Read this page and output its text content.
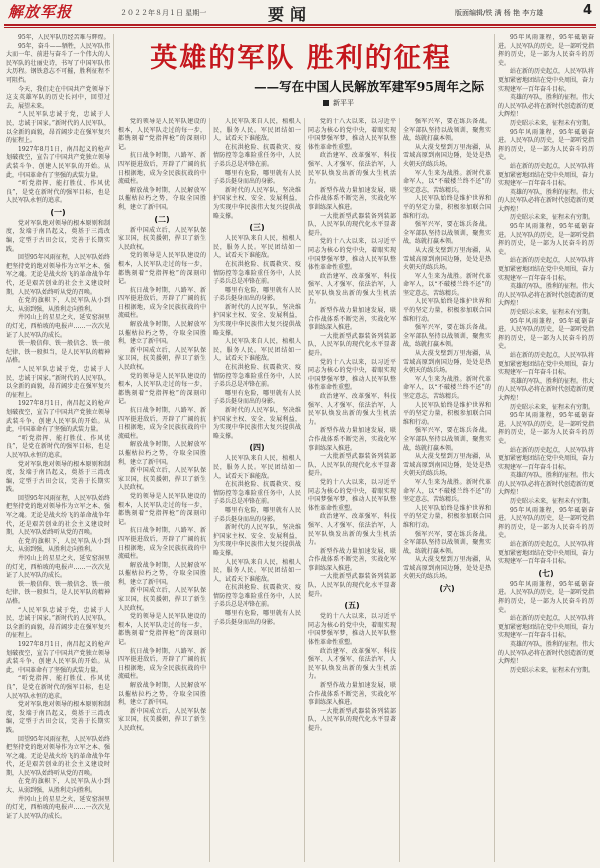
解放军报	２０２２年８月１日 星期一	要闻	版面编辑/铁 满 杨 艳 李方雄	4
英雄的军队 胜利的征程
——写在中国人民解放军建军95周年之际
新平平

95年，人民军队历经苦难与辉煌。

95年，奋斗——牺牲，人民军队伟大而一年、前进与奋斗了一个伟大的人民军队的壮丽史诗，书写了中国军队伟大历程。钢铁意志不可摧，胜利征程不可阻挡。

今天，我们走在中国共产党领导下这支英雄军队的历史长河中，回望过去，展望未来。

“人民军队忠诚于党，忠诚于人民，忠诚于国家。”新时代的人民军队，以全新的面貌，昂首阔步走在强军复兴的征程上。

1927年8月1日，南昌起义的枪声划破夜空，宣告了中国共产党独立领导武装斗争、创建人民军队的开始。从此，中国革命有了坚强的武装力量。

“听党指挥、能打胜仗、作风优良”，是党在新时代的强军目标，也是人民军队永恒的追求。

(一)

党对军队绝对领导的根本原则和制度，发端于南昌起义，奠基于三湾改编，定型于古田会议，完善于长期实践。

回望95年风雨征程，人民军队始终把坚持党的绝对领导作为立军之本、强军之魂。无论是战火纷飞的革命战争年代，还是艰苦创业的社会主义建设时期，人民军队始终听从党的召唤。

在党的旗帜下，人民军队从小到大、从弱到强，从胜利走向胜利。

井冈山上的星星之火，延安窑洞里的灯光，西柏坡的电报声……一次次见证了人民军队的成长。

铁一般信仰、铁一般信念、铁一般纪律、铁一般担当，是人民军队的精神品格。

“人民军队忠诚于党，忠诚于人民，忠诚于国家。”新时代的人民军队，以全新的面貌，昂首阔步走在强军复兴的征程上。

1927年8月1日，南昌起义的枪声划破夜空，宣告了中国共产党独立领导武装斗争、创建人民军队的开始。从此，中国革命有了坚强的武装力量。

“听党指挥、能打胜仗、作风优良”，是党在新时代的强军目标，也是人民军队永恒的追求。

党对军队绝对领导的根本原则和制度，发端于南昌起义，奠基于三湾改编，定型于古田会议，完善于长期实践。

回望95年风雨征程，人民军队始终把坚持党的绝对领导作为立军之本、强军之魂。无论是战火纷飞的革命战争年代，还是艰苦创业的社会主义建设时期，人民军队始终听从党的召唤。

在党的旗帜下，人民军队从小到大、从弱到强，从胜利走向胜利。

井冈山上的星星之火，延安窑洞里的灯光，西柏坡的电报声……一次次见证了人民军队的成长。

铁一般信仰、铁一般信念、铁一般纪律、铁一般担当，是人民军队的精神品格。

“人民军队忠诚于党，忠诚于人民，忠诚于国家。”新时代的人民军队，以全新的面貌，昂首阔步走在强军复兴的征程上。

1927年8月1日，南昌起义的枪声划破夜空，宣告了中国共产党独立领导武装斗争、创建人民军队的开始。从此，中国革命有了坚强的武装力量。

“听党指挥、能打胜仗、作风优良”，是党在新时代的强军目标，也是人民军队永恒的追求。

党对军队绝对领导的根本原则和制度，发端于南昌起义，奠基于三湾改编，定型于古田会议，完善于长期实践。

回望95年风雨征程，人民军队始终把坚持党的绝对领导作为立军之本、强军之魂。无论是战火纷飞的革命战争年代，还是艰苦创业的社会主义建设时期，人民军队始终听从党的召唤。

在党的旗帜下，人民军队从小到大、从弱到强，从胜利走向胜利。

井冈山上的星星之火，延安窑洞里的灯光，西柏坡的电报声……一次次见证了人民军队的成长。

党的领导是人民军队建设的根本，人民军队走过的每一步，都镌刻着“党指挥枪”的深刻印记。

抗日战争时期，八路军、新四军挺进敌后，开辟了广阔的抗日根据地，成为全民族抗战的中流砥柱。

解放战争时期，人民解放军以摧枯拉朽之势，夺取全国胜利，建立了新中国。

(二)

新中国成立后，人民军队保家卫国，抗美援朝，捍卫了新生人民政权。

党的领导是人民军队建设的根本，人民军队走过的每一步，都镌刻着“党指挥枪”的深刻印记。

抗日战争时期，八路军、新四军挺进敌后，开辟了广阔的抗日根据地，成为全民族抗战的中流砥柱。

解放战争时期，人民解放军以摧枯拉朽之势，夺取全国胜利，建立了新中国。

新中国成立后，人民军队保家卫国，抗美援朝，捍卫了新生人民政权。

党的领导是人民军队建设的根本，人民军队走过的每一步，都镌刻着“党指挥枪”的深刻印记。

抗日战争时期，八路军、新四军挺进敌后，开辟了广阔的抗日根据地，成为全民族抗战的中流砥柱。

解放战争时期，人民解放军以摧枯拉朽之势，夺取全国胜利，建立了新中国。

新中国成立后，人民军队保家卫国，抗美援朝，捍卫了新生人民政权。

党的领导是人民军队建设的根本，人民军队走过的每一步，都镌刻着“党指挥枪”的深刻印记。

抗日战争时期，八路军、新四军挺进敌后，开辟了广阔的抗日根据地，成为全民族抗战的中流砥柱。

解放战争时期，人民解放军以摧枯拉朽之势，夺取全国胜利，建立了新中国。

新中国成立后，人民军队保家卫国，抗美援朝，捍卫了新生人民政权。

党的领导是人民军队建设的根本，人民军队走过的每一步，都镌刻着“党指挥枪”的深刻印记。

抗日战争时期，八路军、新四军挺进敌后，开辟了广阔的抗日根据地，成为全民族抗战的中流砥柱。

解放战争时期，人民解放军以摧枯拉朽之势，夺取全国胜利，建立了新中国。

新中国成立后，人民军队保家卫国，抗美援朝，捍卫了新生人民政权。

人民军队来自人民，植根人民，服务人民。军民团结如一人，试看天下谁能敌。

在抗洪抢险、抗震救灾、疫情防控等急难险重任务中，人民子弟兵总是冲锋在前。

哪里有危险，哪里就有人民子弟兵挺身而出的身影。

新时代的人民军队，坚决维护国家主权、安全、发展利益，为实现中华民族伟大复兴提供战略支撑。

(三)

人民军队来自人民，植根人民，服务人民。军民团结如一人，试看天下谁能敌。

在抗洪抢险、抗震救灾、疫情防控等急难险重任务中，人民子弟兵总是冲锋在前。

哪里有危险，哪里就有人民子弟兵挺身而出的身影。

新时代的人民军队，坚决维护国家主权、安全、发展利益，为实现中华民族伟大复兴提供战略支撑。

人民军队来自人民，植根人民，服务人民。军民团结如一人，试看天下谁能敌。

在抗洪抢险、抗震救灾、疫情防控等急难险重任务中，人民子弟兵总是冲锋在前。

哪里有危险，哪里就有人民子弟兵挺身而出的身影。

新时代的人民军队，坚决维护国家主权、安全、发展利益，为实现中华民族伟大复兴提供战略支撑。

(四)

人民军队来自人民，植根人民，服务人民。军民团结如一人，试看天下谁能敌。

在抗洪抢险、抗震救灾、疫情防控等急难险重任务中，人民子弟兵总是冲锋在前。

哪里有危险，哪里就有人民子弟兵挺身而出的身影。

新时代的人民军队，坚决维护国家主权、安全、发展利益，为实现中华民族伟大复兴提供战略支撑。

人民军队来自人民，植根人民，服务人民。军民团结如一人，试看天下谁能敌。

在抗洪抢险、抗震救灾、疫情防控等急难险重任务中，人民子弟兵总是冲锋在前。

哪里有危险，哪里就有人民子弟兵挺身而出的身影。

党的十八大以来，以习近平同志为核心的党中央，着眼实现中国梦强军梦，推动人民军队整体性革命性重塑。

政治建军、改革强军、科技强军、人才强军、依法治军，人民军队焕发出新的强大生机活力。

新型作战力量加速发展，联合作战体系不断完善，实战化军事训练深入推进。

一大批新型武器装备列装部队，人民军队的现代化水平显著提升。

党的十八大以来，以习近平同志为核心的党中央，着眼实现中国梦强军梦，推动人民军队整体性革命性重塑。

政治建军、改革强军、科技强军、人才强军、依法治军，人民军队焕发出新的强大生机活力。

新型作战力量加速发展，联合作战体系不断完善，实战化军事训练深入推进。

一大批新型武器装备列装部队，人民军队的现代化水平显著提升。

党的十八大以来，以习近平同志为核心的党中央，着眼实现中国梦强军梦，推动人民军队整体性革命性重塑。

政治建军、改革强军、科技强军、人才强军、依法治军，人民军队焕发出新的强大生机活力。

新型作战力量加速发展，联合作战体系不断完善，实战化军事训练深入推进。

一大批新型武器装备列装部队，人民军队的现代化水平显著提升。

党的十八大以来，以习近平同志为核心的党中央，着眼实现中国梦强军梦，推动人民军队整体性革命性重塑。

政治建军、改革强军、科技强军、人才强军、依法治军，人民军队焕发出新的强大生机活力。

新型作战力量加速发展，联合作战体系不断完善，实战化军事训练深入推进。

一大批新型武器装备列装部队，人民军队的现代化水平显著提升。

(五)

党的十八大以来，以习近平同志为核心的党中央，着眼实现中国梦强军梦，推动人民军队整体性革命性重塑。

政治建军、改革强军、科技强军、人才强军、依法治军，人民军队焕发出新的强大生机活力。

新型作战力量加速发展，联合作战体系不断完善，实战化军事训练深入推进。

一大批新型武器装备列装部队，人民军队的现代化水平显著提升。

强军兴军，要在练兵备战。全军部队坚持以战领训，聚焦实战，练就打赢本领。

从大漠戈壁到万里海疆，从雪域高原到南国边陲，处处是热火朝天的练兵场。

军人生来为战胜。新时代革命军人，以“不破楼兰终不还”的坚定意志，苦练精兵。

人民军队始终是维护世界和平的坚定力量，积极参加联合国维和行动。

强军兴军，要在练兵备战。全军部队坚持以战领训，聚焦实战，练就打赢本领。

从大漠戈壁到万里海疆，从雪域高原到南国边陲，处处是热火朝天的练兵场。

军人生来为战胜。新时代革命军人，以“不破楼兰终不还”的坚定意志，苦练精兵。

人民军队始终是维护世界和平的坚定力量，积极参加联合国维和行动。

强军兴军，要在练兵备战。全军部队坚持以战领训，聚焦实战，练就打赢本领。

从大漠戈壁到万里海疆，从雪域高原到南国边陲，处处是热火朝天的练兵场。

军人生来为战胜。新时代革命军人，以“不破楼兰终不还”的坚定意志，苦练精兵。

人民军队始终是维护世界和平的坚定力量，积极参加联合国维和行动。

强军兴军，要在练兵备战。全军部队坚持以战领训，聚焦实战，练就打赢本领。

从大漠戈壁到万里海疆，从雪域高原到南国边陲，处处是热火朝天的练兵场。

军人生来为战胜。新时代革命军人，以“不破楼兰终不还”的坚定意志，苦练精兵。

人民军队始终是维护世界和平的坚定力量，积极参加联合国维和行动。

强军兴军，要在练兵备战。全军部队坚持以战领训，聚焦实战，练就打赢本领。

从大漠戈壁到万里海疆，从雪域高原到南国边陲，处处是热火朝天的练兵场。

(六)

95年风雨兼程，95年砥砺奋进。人民军队的历史，是一部听党指挥的历史，是一部为人民奋斗的历史。

站在新的历史起点，人民军队将更加紧密地团结在党中央周围，奋力实现建军一百年奋斗目标。

英雄的军队，胜利的征程。伟大的人民军队必将在新时代创造新的更大辉煌！

历史昭示未来，征程未有穷期。

95年风雨兼程，95年砥砺奋进。人民军队的历史，是一部听党指挥的历史，是一部为人民奋斗的历史。

站在新的历史起点，人民军队将更加紧密地团结在党中央周围，奋力实现建军一百年奋斗目标。

英雄的军队，胜利的征程。伟大的人民军队必将在新时代创造新的更大辉煌！

历史昭示未来，征程未有穷期。

95年风雨兼程，95年砥砺奋进。人民军队的历史，是一部听党指挥的历史，是一部为人民奋斗的历史。

站在新的历史起点，人民军队将更加紧密地团结在党中央周围，奋力实现建军一百年奋斗目标。

英雄的军队，胜利的征程。伟大的人民军队必将在新时代创造新的更大辉煌！

历史昭示未来，征程未有穷期。

95年风雨兼程，95年砥砺奋进。人民军队的历史，是一部听党指挥的历史，是一部为人民奋斗的历史。

站在新的历史起点，人民军队将更加紧密地团结在党中央周围，奋力实现建军一百年奋斗目标。

英雄的军队，胜利的征程。伟大的人民军队必将在新时代创造新的更大辉煌！

历史昭示未来，征程未有穷期。

95年风雨兼程，95年砥砺奋进。人民军队的历史，是一部听党指挥的历史，是一部为人民奋斗的历史。

站在新的历史起点，人民军队将更加紧密地团结在党中央周围，奋力实现建军一百年奋斗目标。

英雄的军队，胜利的征程。伟大的人民军队必将在新时代创造新的更大辉煌！

历史昭示未来，征程未有穷期。

95年风雨兼程，95年砥砺奋进。人民军队的历史，是一部听党指挥的历史，是一部为人民奋斗的历史。

站在新的历史起点，人民军队将更加紧密地团结在党中央周围，奋力实现建军一百年奋斗目标。

(七)

95年风雨兼程，95年砥砺奋进。人民军队的历史，是一部听党指挥的历史，是一部为人民奋斗的历史。

站在新的历史起点，人民军队将更加紧密地团结在党中央周围，奋力实现建军一百年奋斗目标。

英雄的军队，胜利的征程。伟大的人民军队必将在新时代创造新的更大辉煌！

历史昭示未来，征程未有穷期。
